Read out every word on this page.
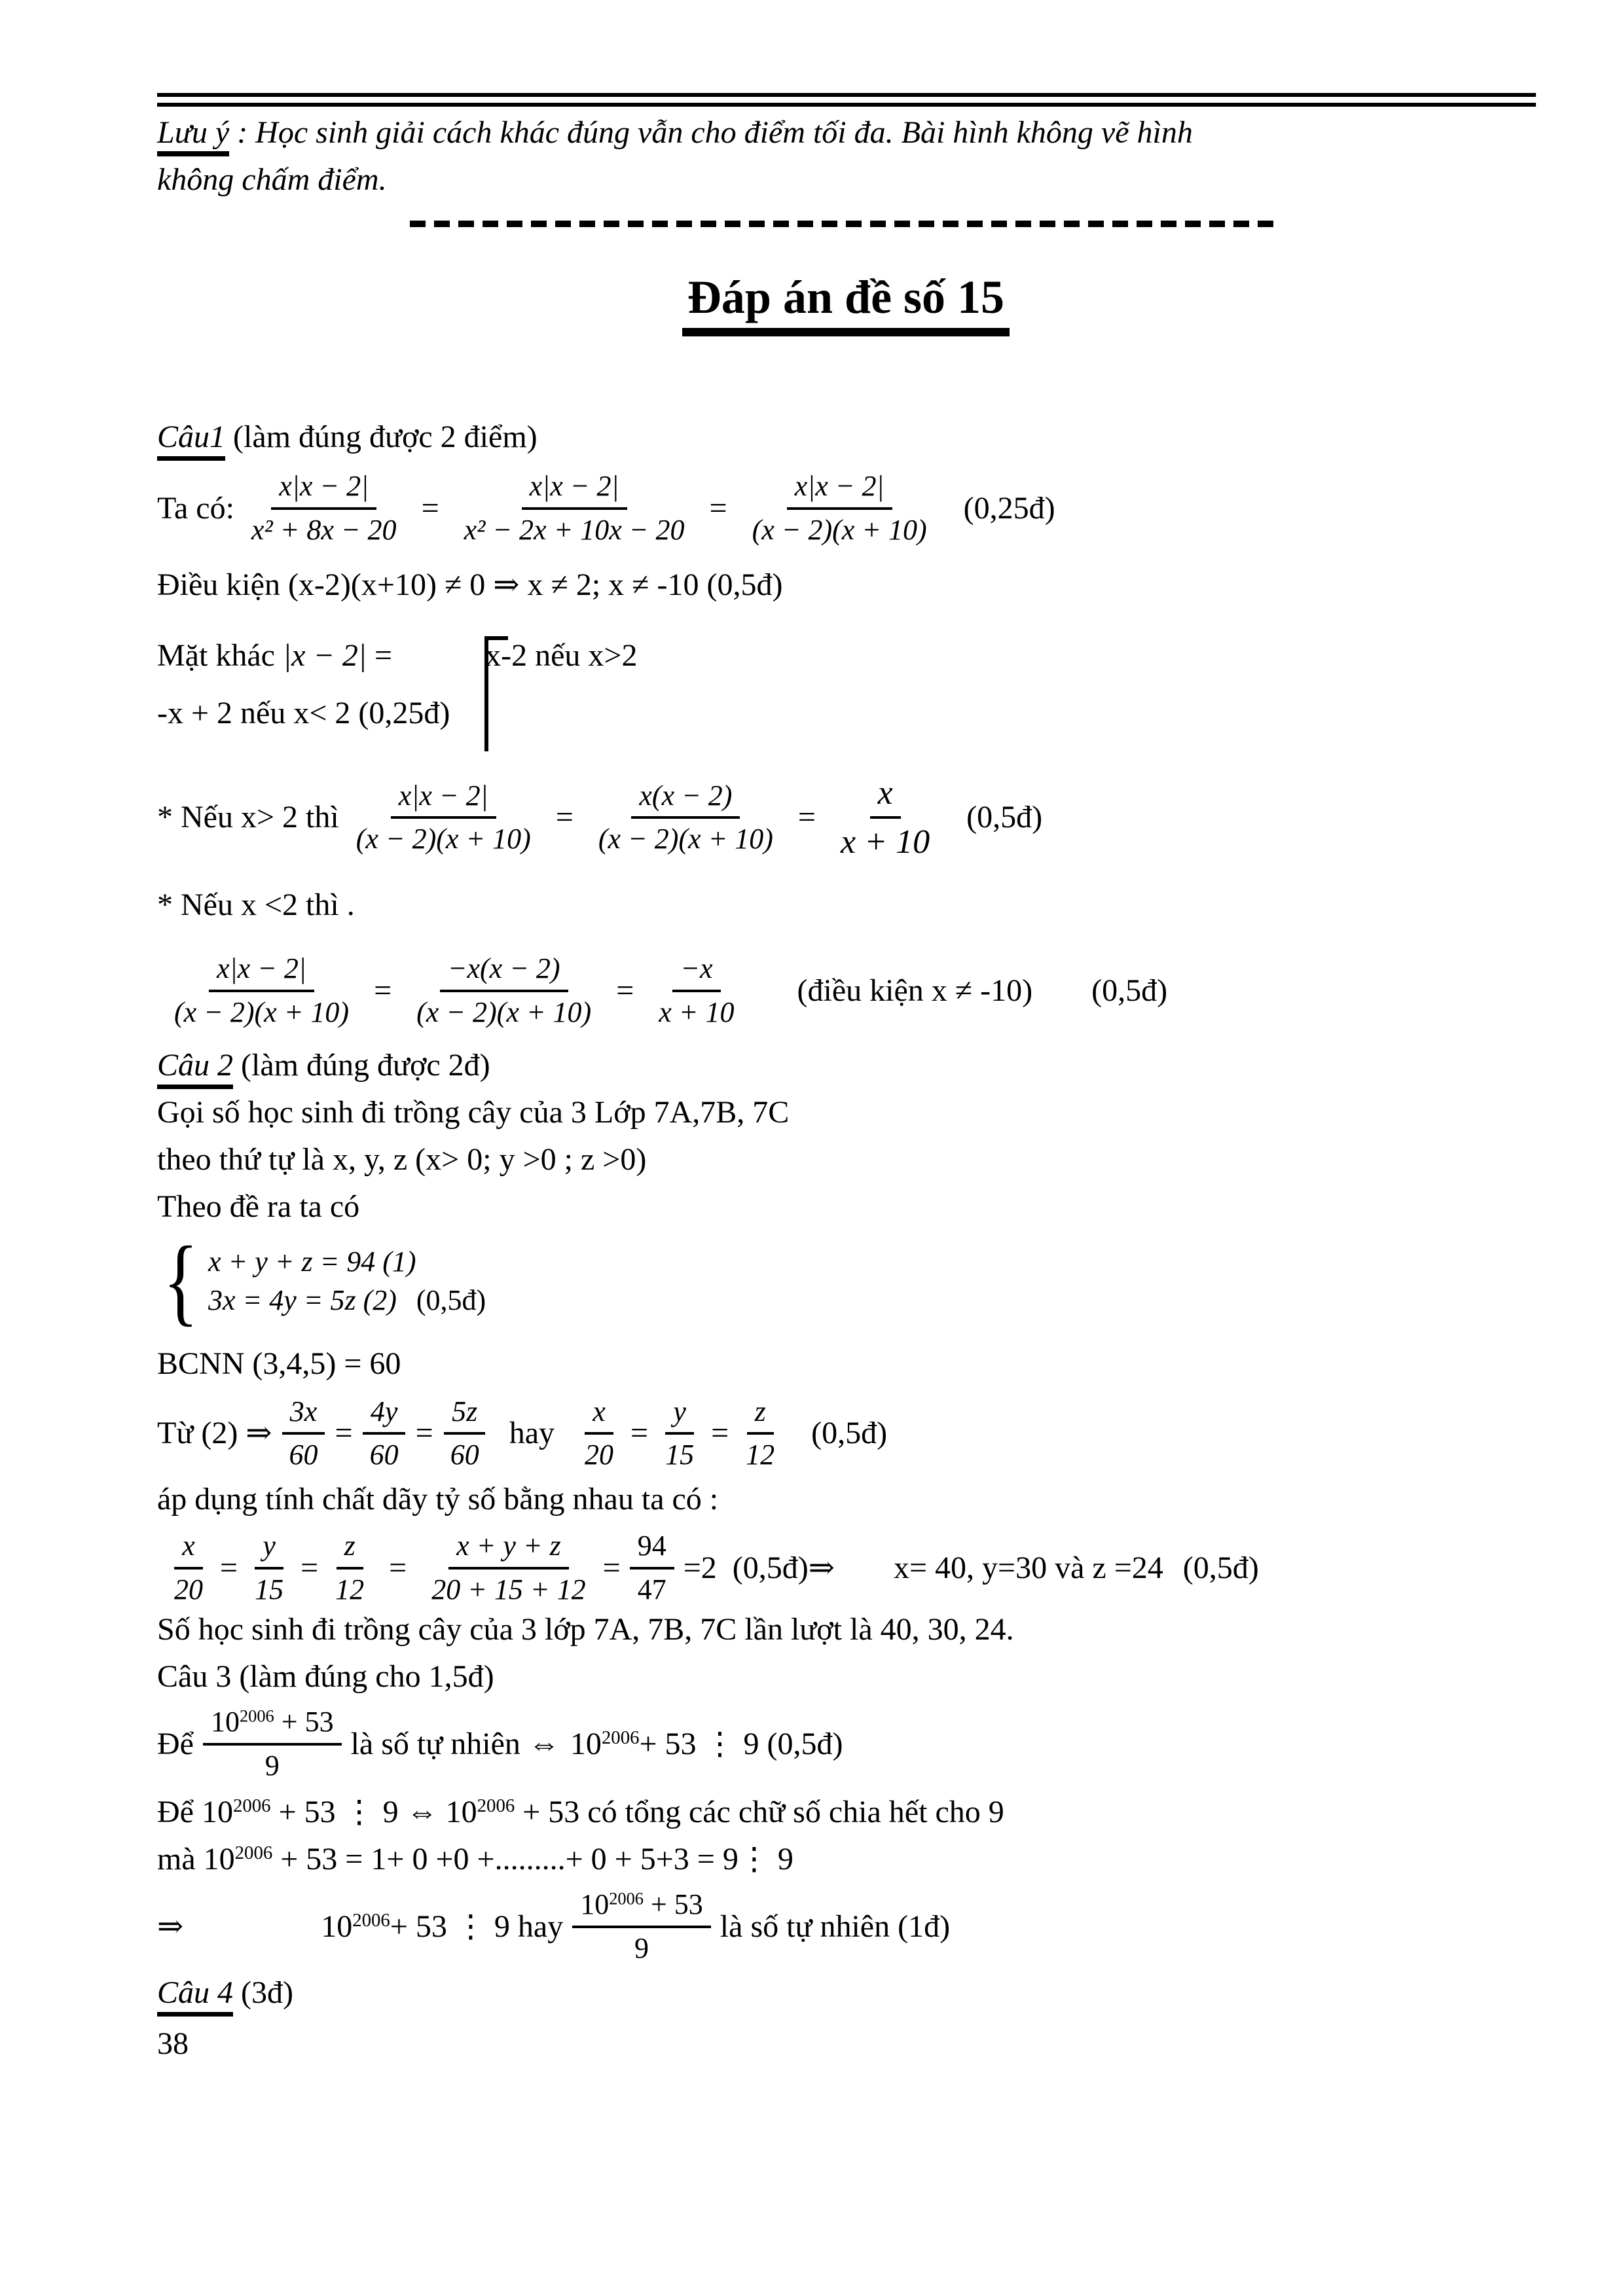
Lưu ý : Học sinh giải cách khác đúng vẫn cho điểm tối đa. Bài hình không vẽ hình
không chấm điểm.

Đáp án đề số 15
Câu1 (làm đúng được 2 điểm)
Ta có: $\frac{x|x - 2|}{\text{x² + 8x − 20}} = \frac{x|x - 2|}{\text{x² − 2x + 10x − 20}} = \frac{x|x - 2|}{(x - 2)(x + 10)}$ (0,25đ)
Điều kiện (x-2)(x+10) ≠ 0 ⇒ x ≠ 2; x ≠ -10 (0,5đ)
Mặt khác |x − 2| =	x-2 nếu x>2
-x + 2 nếu x< 2 (0,25đ)
* Nếu x> 2 thì $\frac{x|x - 2|}{(x - 2)(x + 10)} = \frac{x(x - 2)}{(x - 2)(x + 10)} = \frac{x}{x + 10}$ (0,5đ)
* Nếu x <2 thì .
$\frac{x|x - 2|}{(x - 2)(x + 10)} = \frac{-x(x - 2)}{(x - 2)(x + 10)} = \frac{-x}{x + 10}$ (điều kiện x ≠ -10) (0,5đ)
Câu 2 (làm đúng được 2đ)
Gọi số học sinh đi trồng cây của 3 Lớp 7A,7B, 7C
theo thứ tự là x, y, z (x> 0; y >0 ; z >0)
Theo đề ra ta có
{ x + y + z = 94 (1)
3x = 4y = 5z (2) (0,5đ)
BCNN (3,4,5) = 60
Từ (2) ⇒ $\frac{3x}{60} = \frac{4y}{60} = \frac{5z}{60}$ hay $\frac{x}{20} = \frac{y}{15} = \frac{z}{12}$ (0,5đ)
áp dụng tính chất dãy tỷ số bằng nhau ta có :
$\frac{x}{20} = \frac{y}{15} = \frac{z}{12} = \frac{x + y + z}{20 + 15 + 12} = \frac{94}{47} =2$ (0,5đ)⇒ x= 40, y=30 và z =24 (0,5đ)
Số học sinh đi trồng cây của 3 lớp 7A, 7B, 7C lần lượt là 40, 30, 24.
Câu 3 (làm đúng cho 1,5đ)
Để $\frac{10^{2006} + 53}{9}$ là số tự nhiên ⇔ $10^{2006} + 53$ ⋮ 9 (0,5đ)
Để $10^{2006} + 53$ ⋮ 9 ⇔ $10^{2006} + 53$ có tổng các chữ số chia hết cho 9
mà $10^{2006} + 53 = 1+ 0 +0$ +.........+ 0 + 5+3 = 9⋮ 9
⇒	$10^{2006} + 53$ ⋮ 9 hay $\frac{10^{2006} + 53}{9}$ là số tự nhiên (1đ)
Câu 4 (3đ)
38
